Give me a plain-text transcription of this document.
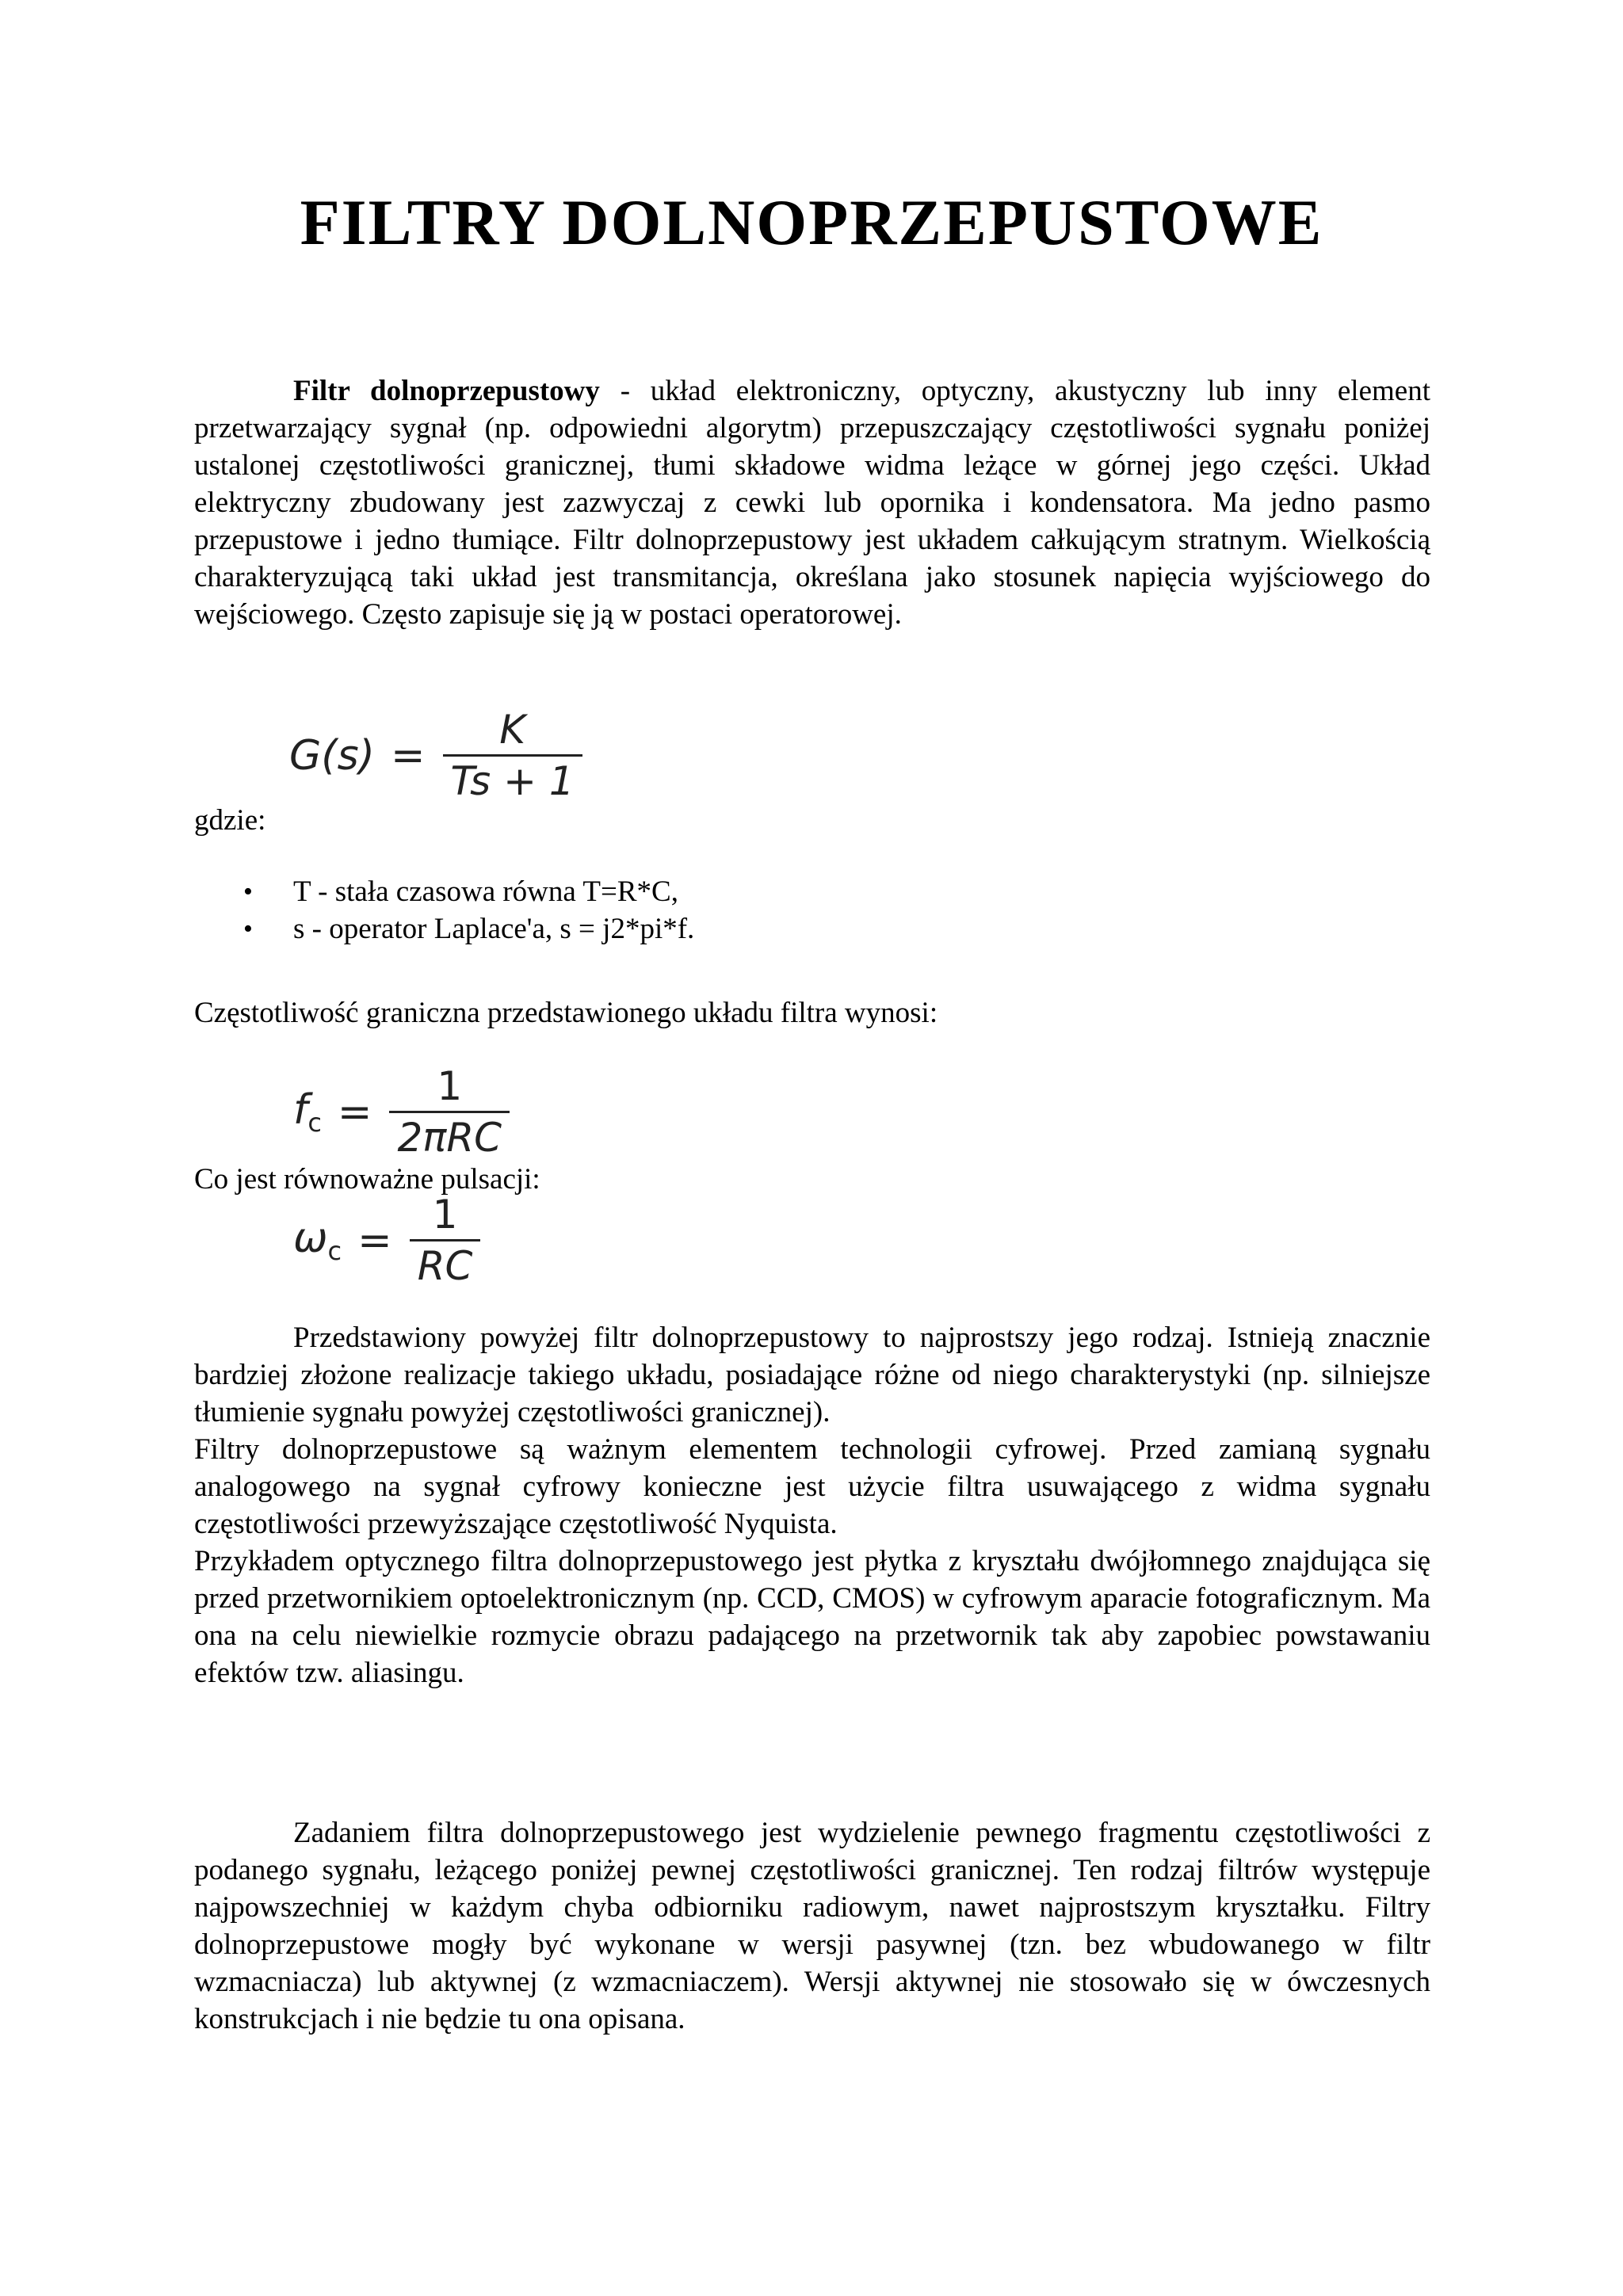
FILTRY DOLNOPRZEPUSTOWE

Filtr dolnoprzepustowy - układ elektroniczny, optyczny, akustyczny lub inny element przetwarzający sygnał (np. odpowiedni algorytm) przepuszczający częstotliwości sygnału poniżej ustalonej częstotliwości granicznej, tłumi składowe widma leżące w górnej jego części. Układ elektryczny zbudowany jest zazwyczaj z cewki lub opornika i kondensatora. Ma jedno pasmo przepustowe i jedno tłumiące. Filtr dolnoprzepustowy jest układem całkującym stratnym. Wielkością charakteryzującą taki układ jest transmitancja, określana jako stosunek napięcia wyjściowego do wejściowego. Często zapisuje się ją w postaci operatorowej.

$G(s) = \frac{K}{Ts + 1}$

gdzie:

• T - stała czasowa równa T=R*C,
• s - operator Laplace'a, s = j2*pi*f.

Częstotliwość graniczna przedstawionego układu filtra wynosi:

fc = $\frac{1}{\text{2πRC}}$

Co jest równoważne pulsacji:

$\omega c = \frac{1}{RC}$

Przedstawiony powyżej filtr dolnoprzepustowy to najprostszy jego rodzaj. Istnieją znacznie bardziej złożone realizacje takiego układu, posiadające różne od niego charakterystyki (np. silniejsze tłumienie sygnału powyżej częstotliwości granicznej).

Filtry dolnoprzepustowe są ważnym elementem technologii cyfrowej. Przed zamianą sygnału analogowego na sygnał cyfrowy konieczne jest użycie filtra usuwającego z widma sygnału częstotliwości przewyższające częstotliwość Nyquista.

Przykładem optycznego filtra dolnoprzepustowego jest płytka z kryształu dwójłomnego znajdująca się przed przetwornikiem optoelektronicznym (np. CCD, CMOS) w cyfrowym aparacie fotograficznym. Ma ona na celu niewielkie rozmycie obrazu padającego na przetwornik tak aby zapobiec powstawaniu efektów tzw. aliasingu.

Zadaniem filtra dolnoprzepustowego jest wydzielenie pewnego fragmentu częstotliwości z podanego sygnału, leżącego poniżej pewnej częstotliwości granicznej. Ten rodzaj filtrów występuje najpowszechniej w każdym chyba odbiorniku radiowym, nawet najprostszym kryształku. Filtry dolnoprzepustowe mogły być wykonane w wersji pasywnej (tzn. bez wbudowanego w filtr wzmacniacza) lub aktywnej (z wzmacniaczem). Wersji aktywnej nie stosowało się w ówczesnych konstrukcjach i nie będzie tu ona opisana.
